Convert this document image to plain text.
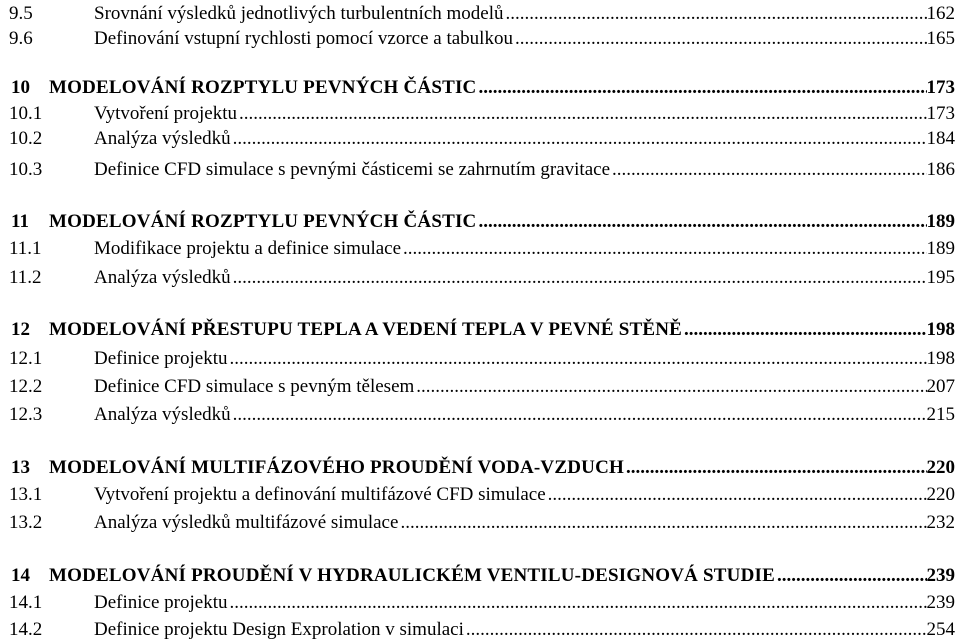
9.5	Srovnání výsledků jednotlivých turbulentních modelů .....	162
9.6	Definování vstupní rychlosti pomocí vzorce a tabulkou .....	165
10 MODELOVÁNÍ ROZPTYLU PEVNÝCH ČÁSTIC .....	173
10.1	Vytvoření projektu .....	173
10.2	Analýza výsledků .....	184
10.3	Definice CFD simulace s pevnými částicemi se zahrnutím gravitace .....	186
11 MODELOVÁNÍ ROZPTYLU PEVNÝCH ČÁSTIC .....	189
11.1	Modifikace projektu a definice simulace .....	189
11.2	Analýza výsledků .....	195
12 MODELOVÁNÍ PŘESTUPU TEPLA A VEDENÍ TEPLA V PEVNÉ STĚNĚ .....	198
12.1	Definice projektu .....	198
12.2	Definice CFD simulace s pevným tělesem .....	207
12.3	Analýza výsledků .....	215
13 MODELOVÁNÍ MULTIFÁZOVÉHO PROUDĚNÍ VODA-VZDUCH .....	220
13.1	Vytvoření projektu a definování multifázové CFD simulace .....	220
13.2	Analýza výsledků multifázové simulace .....	232
14 MODELOVÁNÍ PROUDĚNÍ V HYDRAULICKÉM VENTILU-DESIGNOVÁ STUDIE .....	239
14.1	Definice projektu .....	239
14.2	Definice projektu Design Exprolation v simulaci .....	254
